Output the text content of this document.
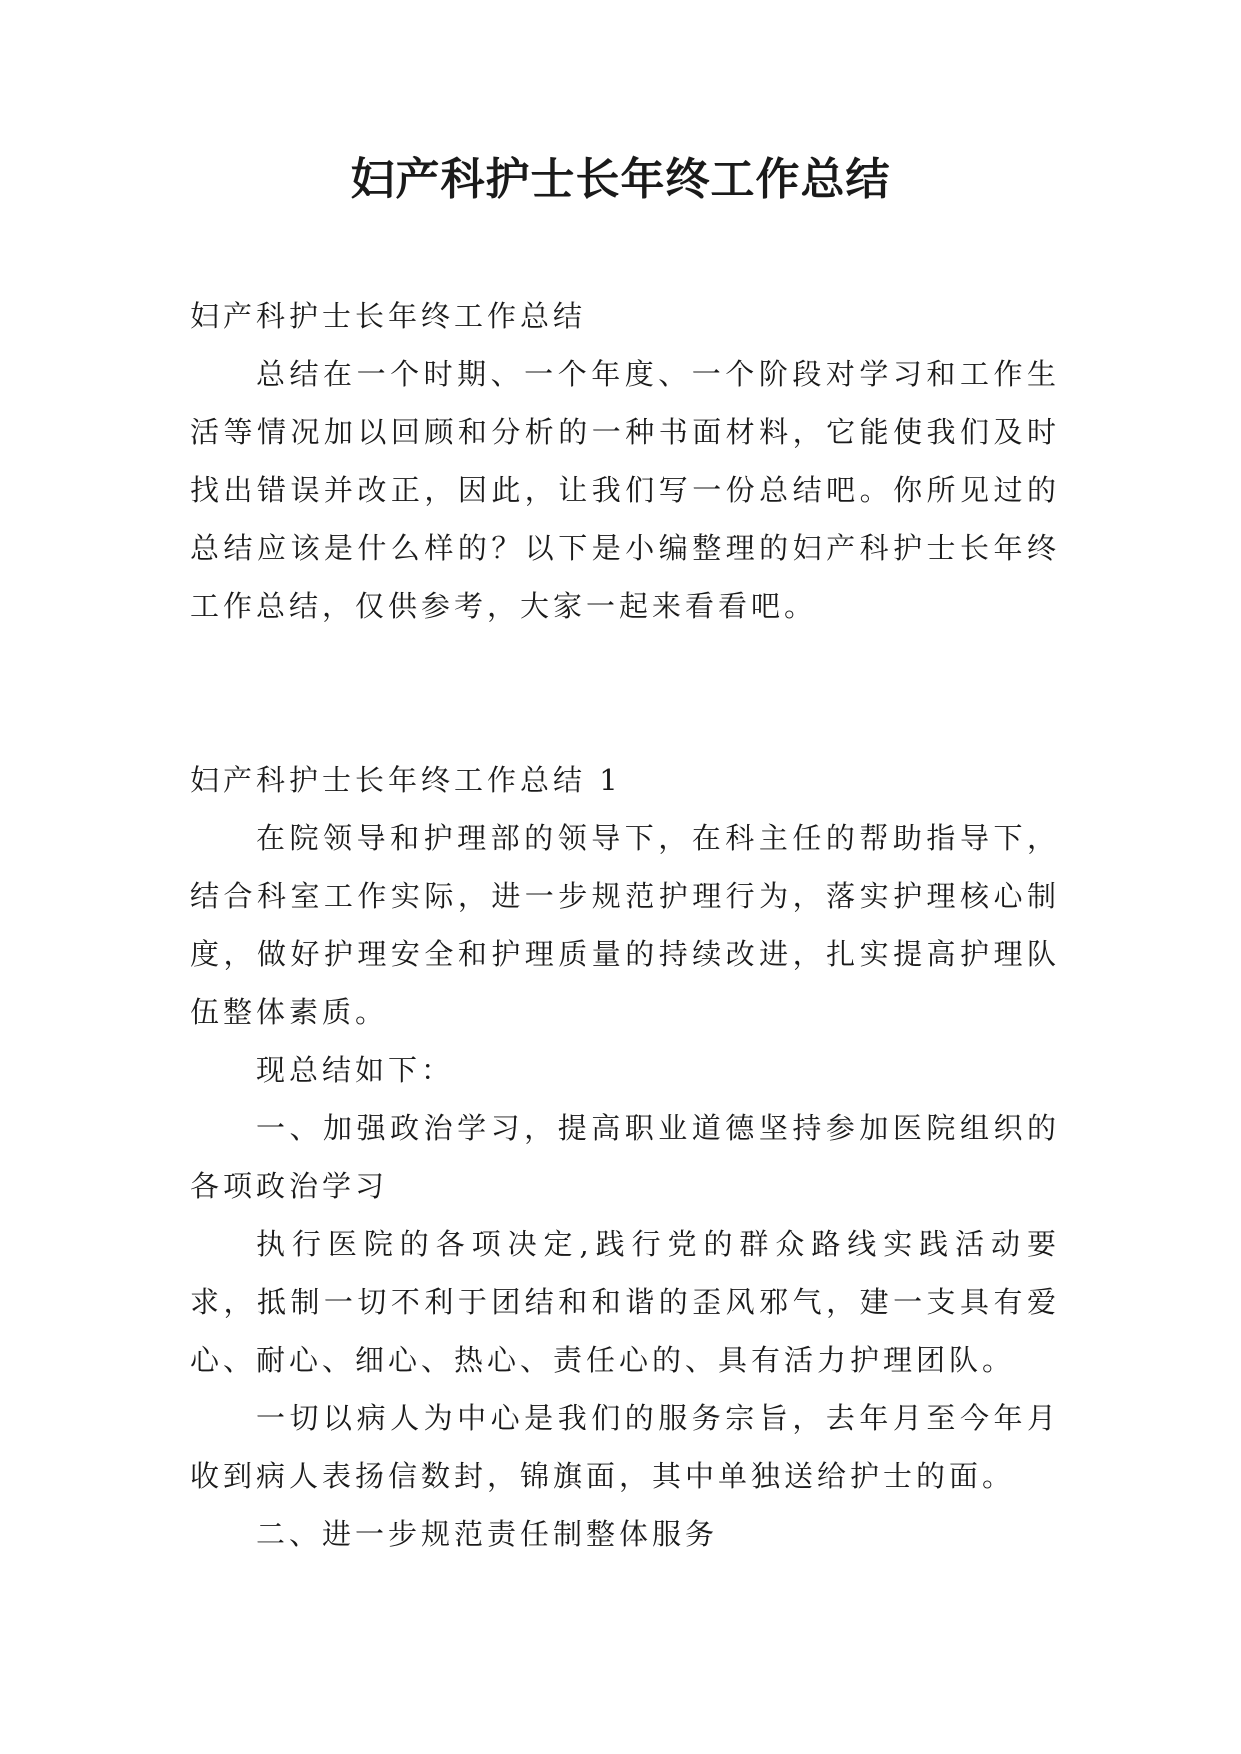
妇产科护士长年终工作总结

妇产科护士长年终工作总结

总结在一个时期、一个年度、一个阶段对学习和工作生活等情况加以回顾和分析的一种书面材料，它能使我们及时找出错误并改正，因此，让我们写一份总结吧。你所见过的总结应该是什么样的？以下是小编整理的妇产科护士长年终工作总结，仅供参考，大家一起来看看吧。

妇产科护士长年终工作总结 1

在院领导和护理部的领导下，在科主任的帮助指导下，结合科室工作实际，进一步规范护理行为，落实护理核心制度，做好护理安全和护理质量的持续改进，扎实提高护理队伍整体素质。

现总结如下：

一、加强政治学习，提高职业道德坚持参加医院组织的各项政治学习

执行医院的各项决定,践行党的群众路线实践活动要求，抵制一切不利于团结和和谐的歪风邪气，建一支具有爱心、耐心、细心、热心、责任心的、具有活力护理团队。

一切以病人为中心是我们的服务宗旨，去年月至今年月收到病人表扬信数封，锦旗面，其中单独送给护士的面。

二、进一步规范责任制整体服务
